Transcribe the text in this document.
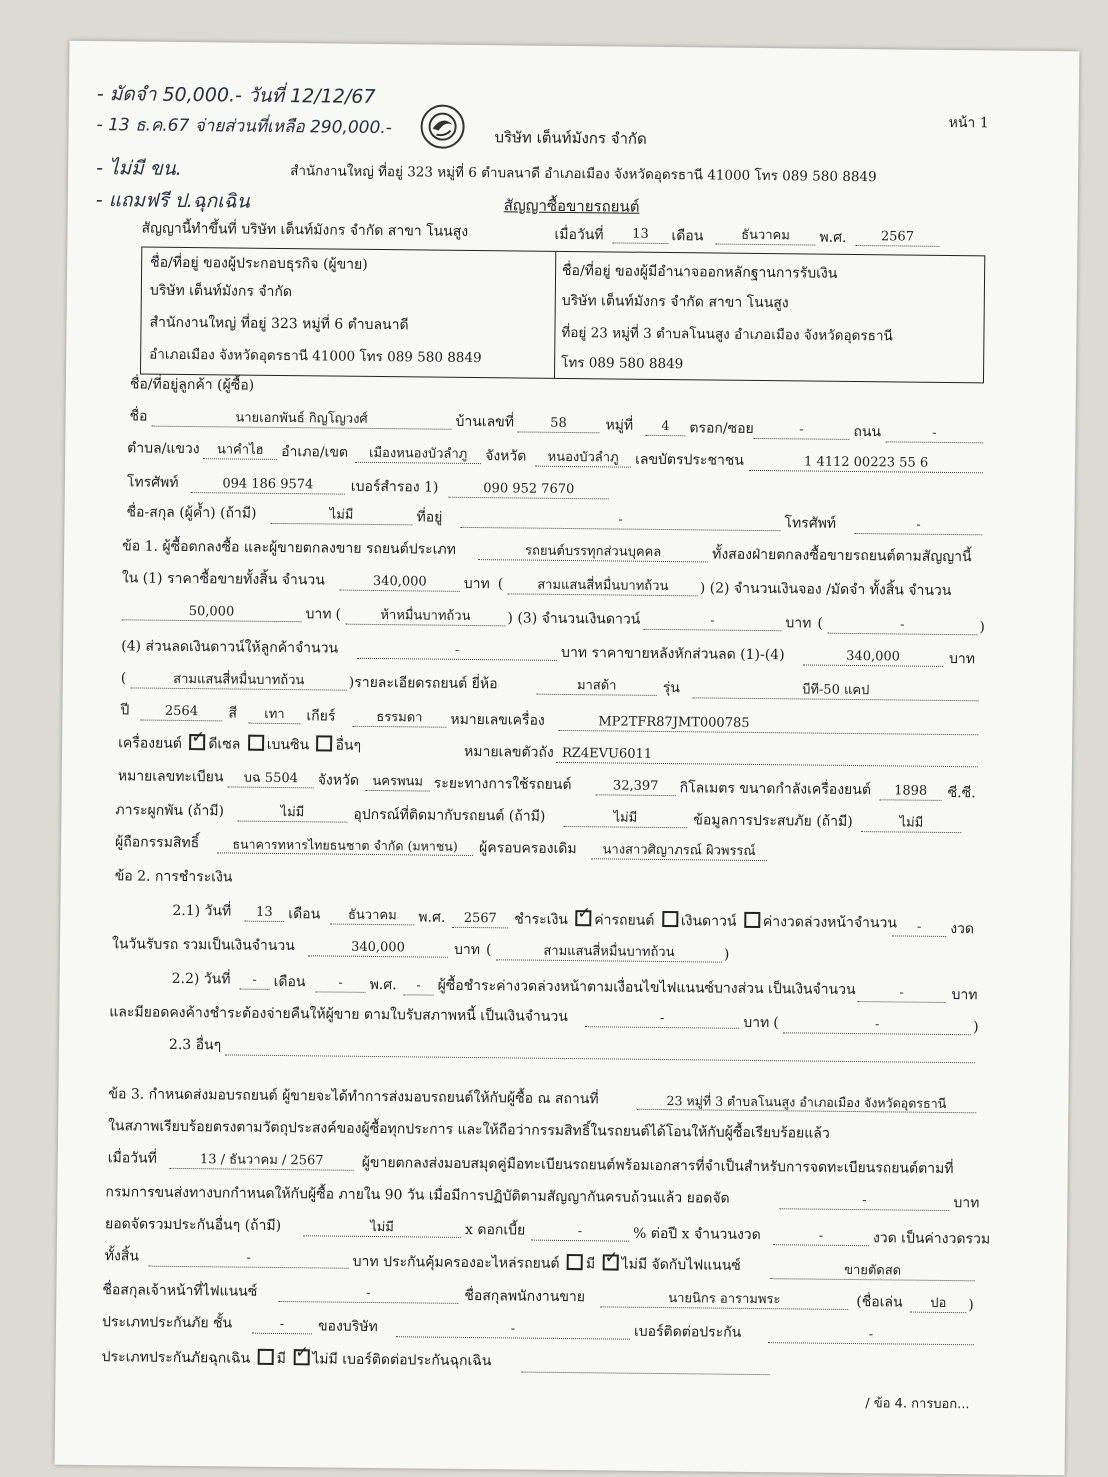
- มัดจำ 50,000.- วันที่ 12/12/67
- 13 ธ.ค.67 จ่ายส่วนที่เหลือ 290,000.-
- ไม่มี ขน.
- แถมฟรี ป.ฉุกเฉิน
หน้า 1
บริษัท เต็นท์มังกร จำกัด
สำนักงานใหญ่ ที่อยู่ 323 หมู่ที่ 6 ตำบลนาดี อำเภอเมือง จังหวัดอุดรธานี 41000 โทร 089 580 8849
สัญญาซื้อขายรถยนต์
สัญญานี้ทำขึ้นที่ บริษัท เต็นท์มังกร จำกัด สาขา โนนสูง	เมื่อวันที่	13	เดือน	ธันวาคม	พ.ศ.	2567
ชื่อ/ที่อยู่ ของผู้ประกอบธุรกิจ (ผู้ขาย)
บริษัท เต็นท์มังกร จำกัด
สำนักงานใหญ่ ที่อยู่ 323 หมู่ที่ 6 ตำบลนาดี
อำเภอเมือง จังหวัดอุดรธานี 41000 โทร 089 580 8849
ชื่อ/ที่อยู่ ของผู้มีอำนาจออกหลักฐานการรับเงิน
บริษัท เต็นท์มังกร จำกัด สาขา โนนสูง
ที่อยู่ 23 หมู่ที่ 3 ตำบลโนนสูง อำเภอเมือง จังหวัดอุดรธานี
โทร 089 580 8849
ชื่อ/ที่อยู่ลูกค้า (ผู้ซื้อ)
ชื่อ	นายเอกพันธ์ กิญโญวงศ์	บ้านเลขที่	58	หมู่ที่	4	ตรอก/ซอย	-	ถนน	-
ตำบล/แขวง	นาคำไฮ	อำเภอ/เขต	เมืองหนองบัวลำภู	จังหวัด	หนองบัวลำภู	เลขบัตรประชาชน	1 4112 00223 55 6
โทรศัพท์	094 186 9574	เบอร์สำรอง 1)	090 952 7670
ชื่อ-สกุล (ผู้ค้ำ) (ถ้ามี)	ไม่มี	ที่อยู่	-	โทรศัพท์	-
ข้อ 1. ผู้ซื้อตกลงซื้อ และผู้ขายตกลงขาย รถยนต์ประเภท	รถยนต์บรรทุกส่วนบุคคล	ทั้งสองฝ่ายตกลงซื้อขายรถยนต์ตามสัญญานี้
ใน (1) ราคาซื้อขายทั้งสิ้น จำนวน	340,000	บาท (	สามแสนสี่หมื่นบาทถ้วน	) (2) จำนวนเงินจอง /มัดจำ ทั้งสิ้น จำนวน
50,000	บาท (	ห้าหมื่นบาทถ้วน	) (3) จำนวนเงินดาวน์	-	บาท (	-	)
(4) ส่วนลดเงินดาวน์ให้ลูกค้าจำนวน	-	บาท ราคาขายหลังหักส่วนลด (1)-(4)	340,000	บาท
(	สามแสนสี่หมื่นบาทถ้วน	)รายละเอียดรถยนต์ ยี่ห้อ	มาสด้า	รุ่น	บีที-50 แคป
ปี	2564	สี	เทา	เกียร์	ธรรมดา	หมายเลขเครื่อง	MP2TFR87JMT000785
เครื่องยนต์ ✓ ดีเซล เบนซิน อื่นๆ	หมายเลขตัวถัง RZ4EVU6011
หมายเลขทะเบียน	บฉ 5504	จังหวัด	นครพนม ระยะทางการใช้รถยนต์	32,397	กิโลเมตร ขนาดกำลังเครื่องยนต์	1898	ซี.ซี.
ภาระผูกพัน (ถ้ามี)	ไม่มี	อุปกรณ์ที่ติดมากับรถยนต์ (ถ้ามี)	ไม่มี	ข้อมูลการประสบภัย (ถ้ามี)	ไม่มี
ผู้ถือกรรมสิทธิ์	ธนาคารทหารไทยธนชาต จำกัด (มหาชน)	ผู้ครอบครองเดิม	นางสาวศิญาภรณ์ ผิวพรรณ์
ข้อ 2. การชำระเงิน
2.1) วันที่	13	เดือน	ธันวาคม	พ.ศ.	2567	ชำระเงิน ✓ ค่ารถยนต์ เงินดาวน์ ค่างวดล่วงหน้าจำนวน	-	งวด
ในวันรับรถ รวมเป็นเงินจำนวน	340,000	บาท (	สามแสนสี่หมื่นบาทถ้วน	)
2.2) วันที่	-	เดือน	-	พ.ศ.	-	ผู้ซื้อชำระค่างวดล่วงหน้าตามเงื่อนไขไฟแนนซ์บางส่วน เป็นเงินจำนวน	-	บาท
และมียอดคงค้างชำระต้องจ่ายคืนให้ผู้ขาย ตามใบรับสภาพหนี้ เป็นเงินจำนวน	-	บาท (	-	)
2.3 อื่นๆ
ข้อ 3. กำหนดส่งมอบรถยนต์ ผู้ขายจะได้ทำการส่งมอบรถยนต์ให้กับผู้ซื้อ ณ สถานที่	23 หมู่ที่ 3 ตำบลโนนสูง อำเภอเมือง จังหวัดอุดรธานี
ในสภาพเรียบร้อยตรงตามวัตถุประสงค์ของผู้ซื้อทุกประการ และให้ถือว่ากรรมสิทธิ์ในรถยนต์ได้โอนให้กับผู้ซื้อเรียบร้อยแล้ว
เมื่อวันที่	13 / ธันวาคม / 2567	ผู้ขายตกลงส่งมอบสมุดคู่มือทะเบียนรถยนต์พร้อมเอกสารที่จำเป็นสำหรับการจดทะเบียนรถยนต์ตามที่
กรมการขนส่งทางบกกำหนดให้กับผู้ซื้อ ภายใน 90 วัน เมื่อมีการปฏิบัติตามสัญญากันครบถ้วนแล้ว ยอดจัด	-	บาท
ยอดจัดรวมประกันอื่นๆ (ถ้ามี)	ไม่มี	x ดอกเบี้ย	-	% ต่อปี x จำนวนงวด	-	งวด เป็นค่างวดรวม
ทั้งสิ้น	-	บาท ประกันคุ้มครองอะไหล่รถยนต์ มี ✓ ไม่มี จัดกับไฟแนนซ์	ขายตัดสด
ชื่อสกุลเจ้าหน้าที่ไฟแนนซ์	-	ชื่อสกุลพนักงานขาย	นายนิกร อารามพระ	(ชื่อเล่น	ปอ	)
ประเภทประกันภัย ชั้น	-	ของบริษัท	-	เบอร์ติดต่อประกัน	-
ประเภทประกันภัยฉุกเฉิน มี ✓ ไม่มี เบอร์ติดต่อประกันฉุกเฉิน
/ ข้อ 4. การบอก...
